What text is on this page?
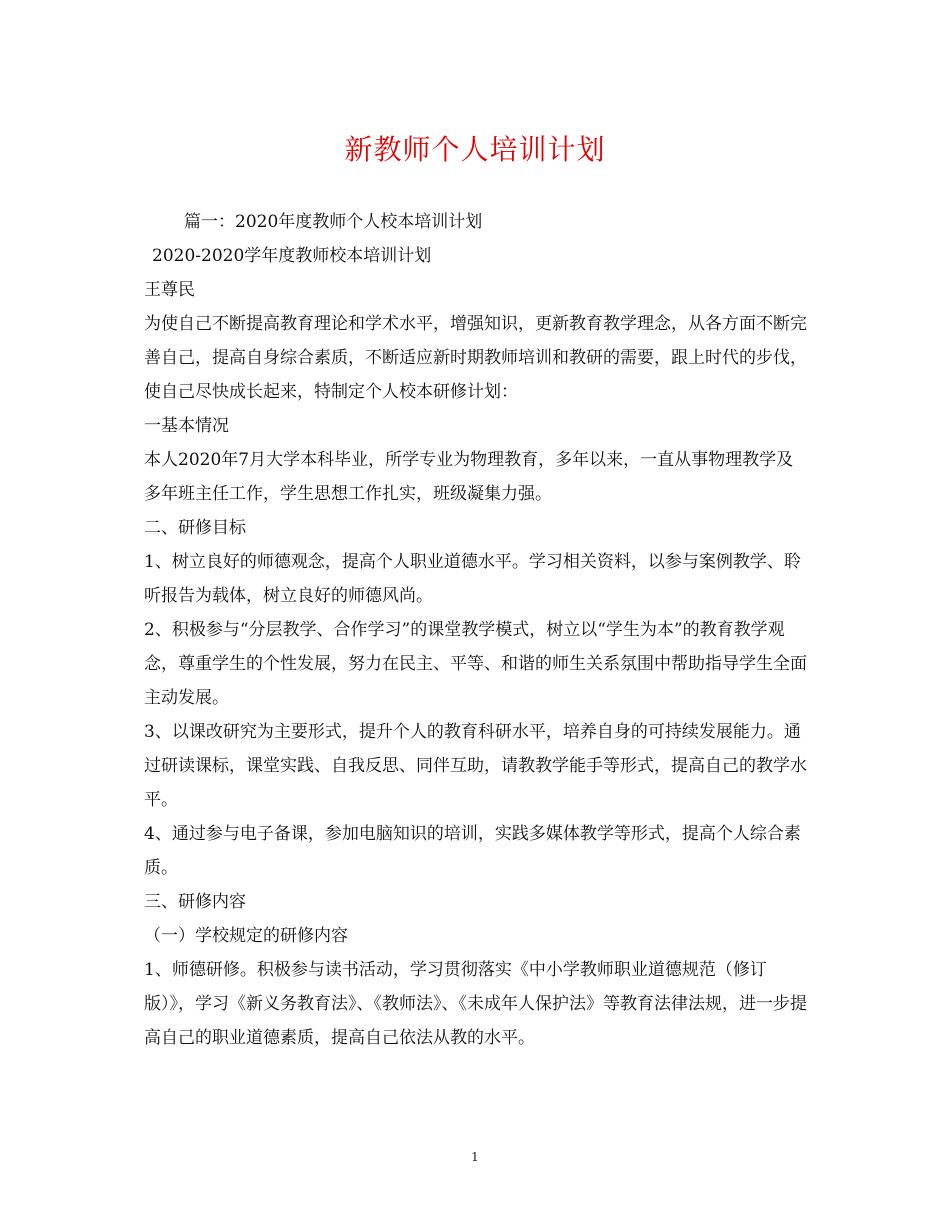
新教师个人培训计划

篇一：2020年度教师个人校本培训计划

2020-2020学年度教师校本培训计划

王尊民

为使自己不断提高教育理论和学术水平，增强知识，更新教育教学理念，从各方面不断完善自己，提高自身综合素质，不断适应新时期教师培训和教研的需要，跟上时代的步伐，使自己尽快成长起来，特制定个人校本研修计划：

一基本情况

本人2020年7月大学本科毕业，所学专业为物理教育，多年以来，一直从事物理教学及多年班主任工作，学生思想工作扎实，班级凝集力强。

二、研修目标

1、树立良好的师德观念，提高个人职业道德水平。学习相关资料，以参与案例教学、聆听报告为载体，树立良好的师德风尚。

2、积极参与“分层教学、合作学习”的课堂教学模式，树立以“学生为本”的教育教学观念，尊重学生的个性发展，努力在民主、平等、和谐的师生关系氛围中帮助指导学生全面主动发展。

3、以课改研究为主要形式，提升个人的教育科研水平，培养自身的可持续发展能力。通过研读课标，课堂实践、自我反思、同伴互助，请教教学能手等形式，提高自己的教学水平。

4、通过参与电子备课，参加电脑知识的培训，实践多媒体教学等形式，提高个人综合素质。

三、研修内容

（一）学校规定的研修内容

1、师德研修。积极参与读书活动，学习贯彻落实《中小学教师职业道德规范（修订版）》，学习《新义务教育法》、《教师法》、《未成年人保护法》等教育法律法规，进一步提高自己的职业道德素质，提高自己依法从教的水平。

1
